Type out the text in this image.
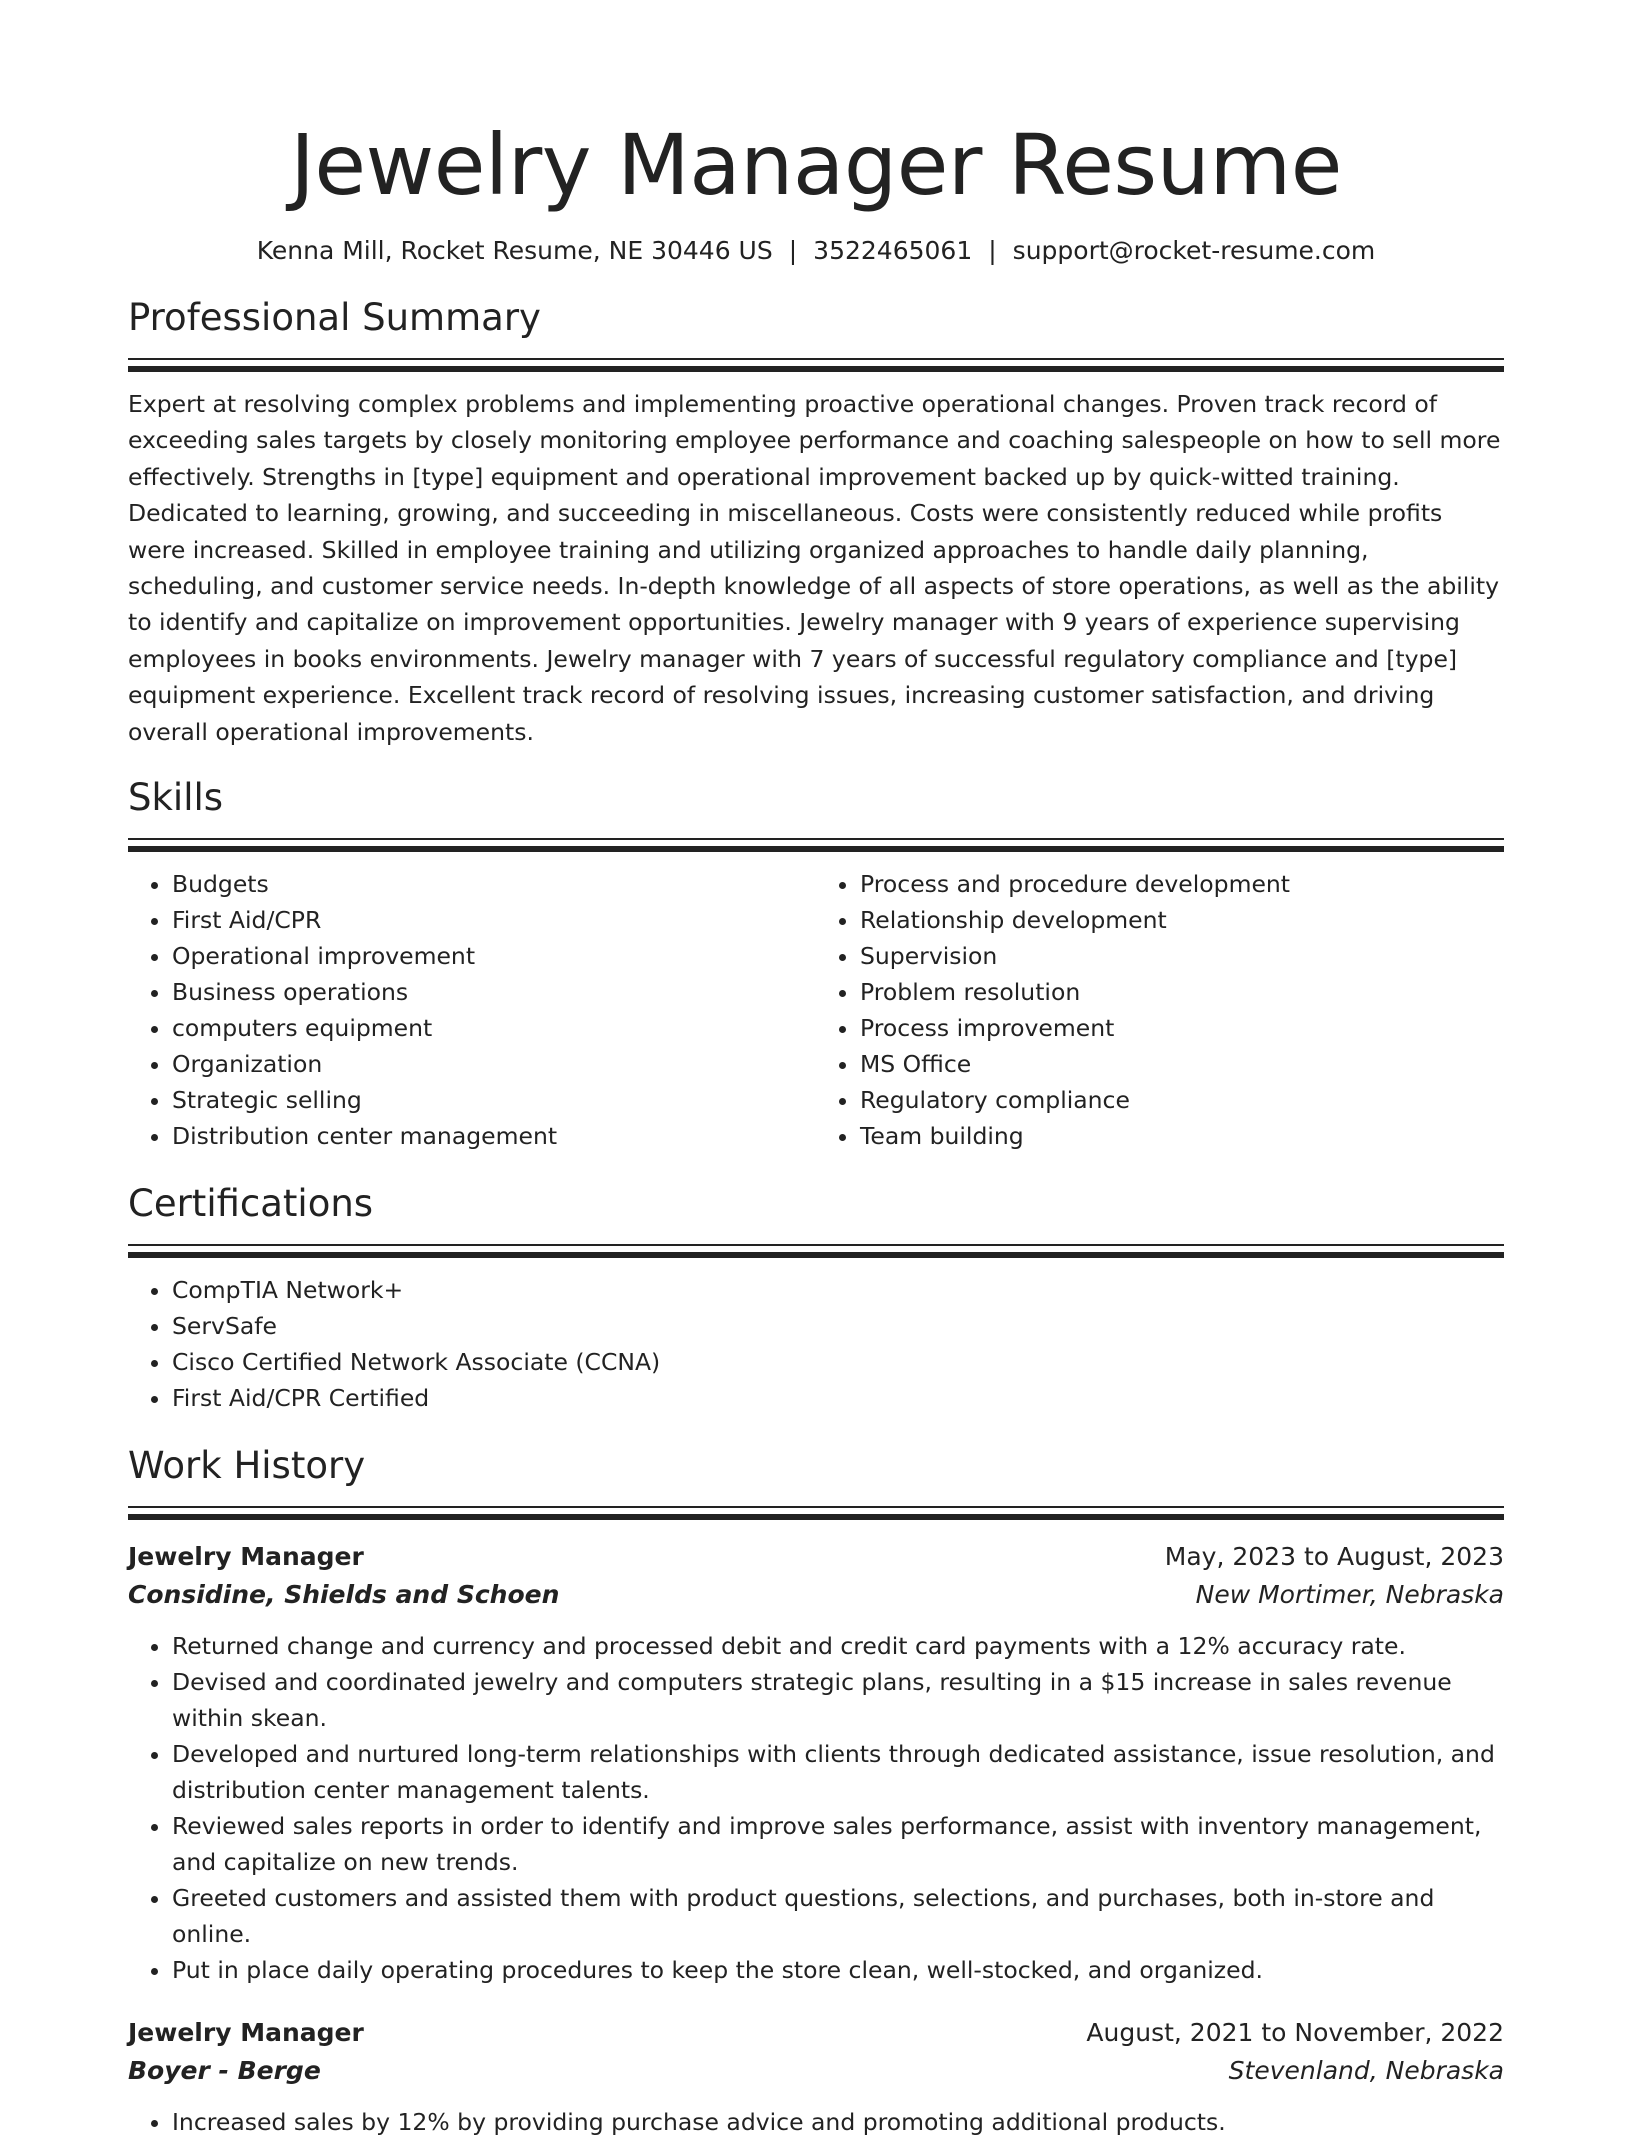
Jewelry Manager Resume
Kenna Mill, Rocket Resume, NE 30446 US | 3522465061 | support@rocket-resume.com
Professional Summary
Expert at resolving complex problems and implementing proactive operational changes. Proven track record of exceeding sales targets by closely monitoring employee performance and coaching salespeople on how to sell more effectively. Strengths in [type] equipment and operational improvement backed up by quick-witted training. Dedicated to learning, growing, and succeeding in miscellaneous. Costs were consistently reduced while profits were increased. Skilled in employee training and utilizing organized approaches to handle daily planning, scheduling, and customer service needs. In-depth knowledge of all aspects of store operations, as well as the ability to identify and capitalize on improvement opportunities. Jewelry manager with 9 years of experience supervising employees in books environments. Jewelry manager with 7 years of successful regulatory compliance and [type] equipment experience. Excellent track record of resolving issues, increasing customer satisfaction, and driving overall operational improvements.
Skills
• Budgets
• First Aid/CPR
• Operational improvement
• Business operations
• computers equipment
• Organization
• Strategic selling
• Distribution center management
• Process and procedure development
• Relationship development
• Supervision
• Problem resolution
• Process improvement
• MS Office
• Regulatory compliance
• Team building
Certifications
• CompTIA Network+
• ServSafe
• Cisco Certified Network Associate (CCNA)
• First Aid/CPR Certified
Work History
Jewelry Manager	May, 2023 to August, 2023
Considine, Shields and Schoen	New Mortimer, Nebraska
• Returned change and currency and processed debit and credit card payments with a 12% accuracy rate.
• Devised and coordinated jewelry and computers strategic plans, resulting in a $15 increase in sales revenue within skean.
• Developed and nurtured long-term relationships with clients through dedicated assistance, issue resolution, and distribution center management talents.
• Reviewed sales reports in order to identify and improve sales performance, assist with inventory management, and capitalize on new trends.
• Greeted customers and assisted them with product questions, selections, and purchases, both in-store and online.
• Put in place daily operating procedures to keep the store clean, well-stocked, and organized.
Jewelry Manager	August, 2021 to November, 2022
Boyer - Berge	Stevenland, Nebraska
• Increased sales by 12% by providing purchase advice and promoting additional products.
